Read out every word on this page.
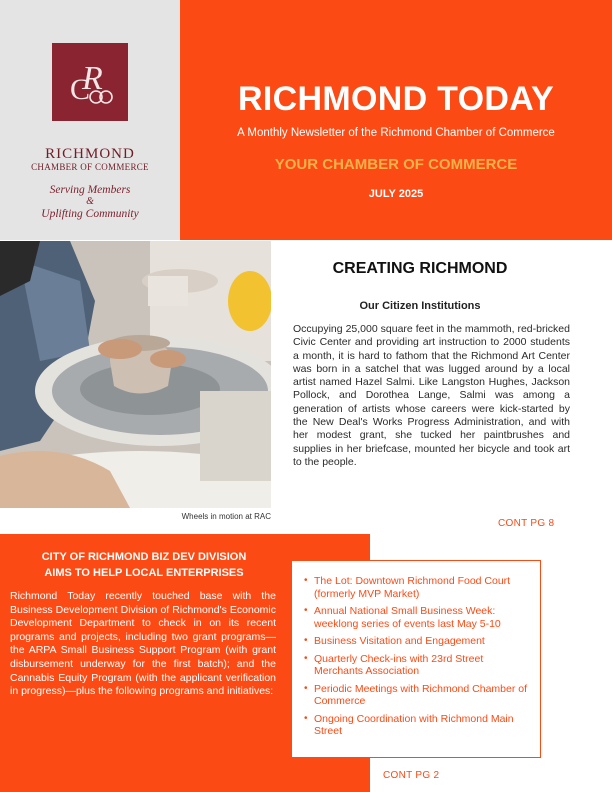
R
C
RICHMOND
CHAMBER OF COMMERCE
Serving Members
&
Uplifting Community
RICHMOND TODAY
A Monthly Newsletter of the Richmond Chamber of Commerce
YOUR CHAMBER OF COMMERCE
JULY 2025
Wheels in motion at RAC
CREATING RICHMOND
Our Citizen Institutions
Occupying 25,000 square feet in the mammoth, red-bricked Civic Center and providing art instruction to 2000 students a month, it is hard to fathom that the Richmond Art Center was born in a satchel that was lugged around by a local artist named Hazel Salmi. Like Langston Hughes, Jackson Pollock, and Dorothea Lange, Salmi was among a generation of artists whose careers were kick-started by the New Deal's Works Progress Administration, and with her modest grant, she tucked her paintbrushes and supplies in her briefcase, mounted her bicycle and took art to the people.
CONT PG 8
CITY OF RICHMOND BIZ DEV DIVISION
AIMS TO HELP LOCAL ENTERPRISES
Richmond Today recently touched base with the Business Development Division of Richmond's Economic Development Department to check in on its recent programs and projects, including two grant programs—the ARPA Small Business Support Program (with grant disbursement underway for the first batch); and the Cannabis Equity Program (with the applicant verification in progress)—plus the following programs and initiatives:
• The Lot: Downtown Richmond Food Court (formerly MVP Market)
• Annual National Small Business Week: weeklong series of events last May 5-10
• Business Visitation and Engagement
• Quarterly Check-ins with 23rd Street Merchants Association
• Periodic Meetings with Richmond Chamber of Commerce
• Ongoing Coordination with Richmond Main Street
CONT PG 2
